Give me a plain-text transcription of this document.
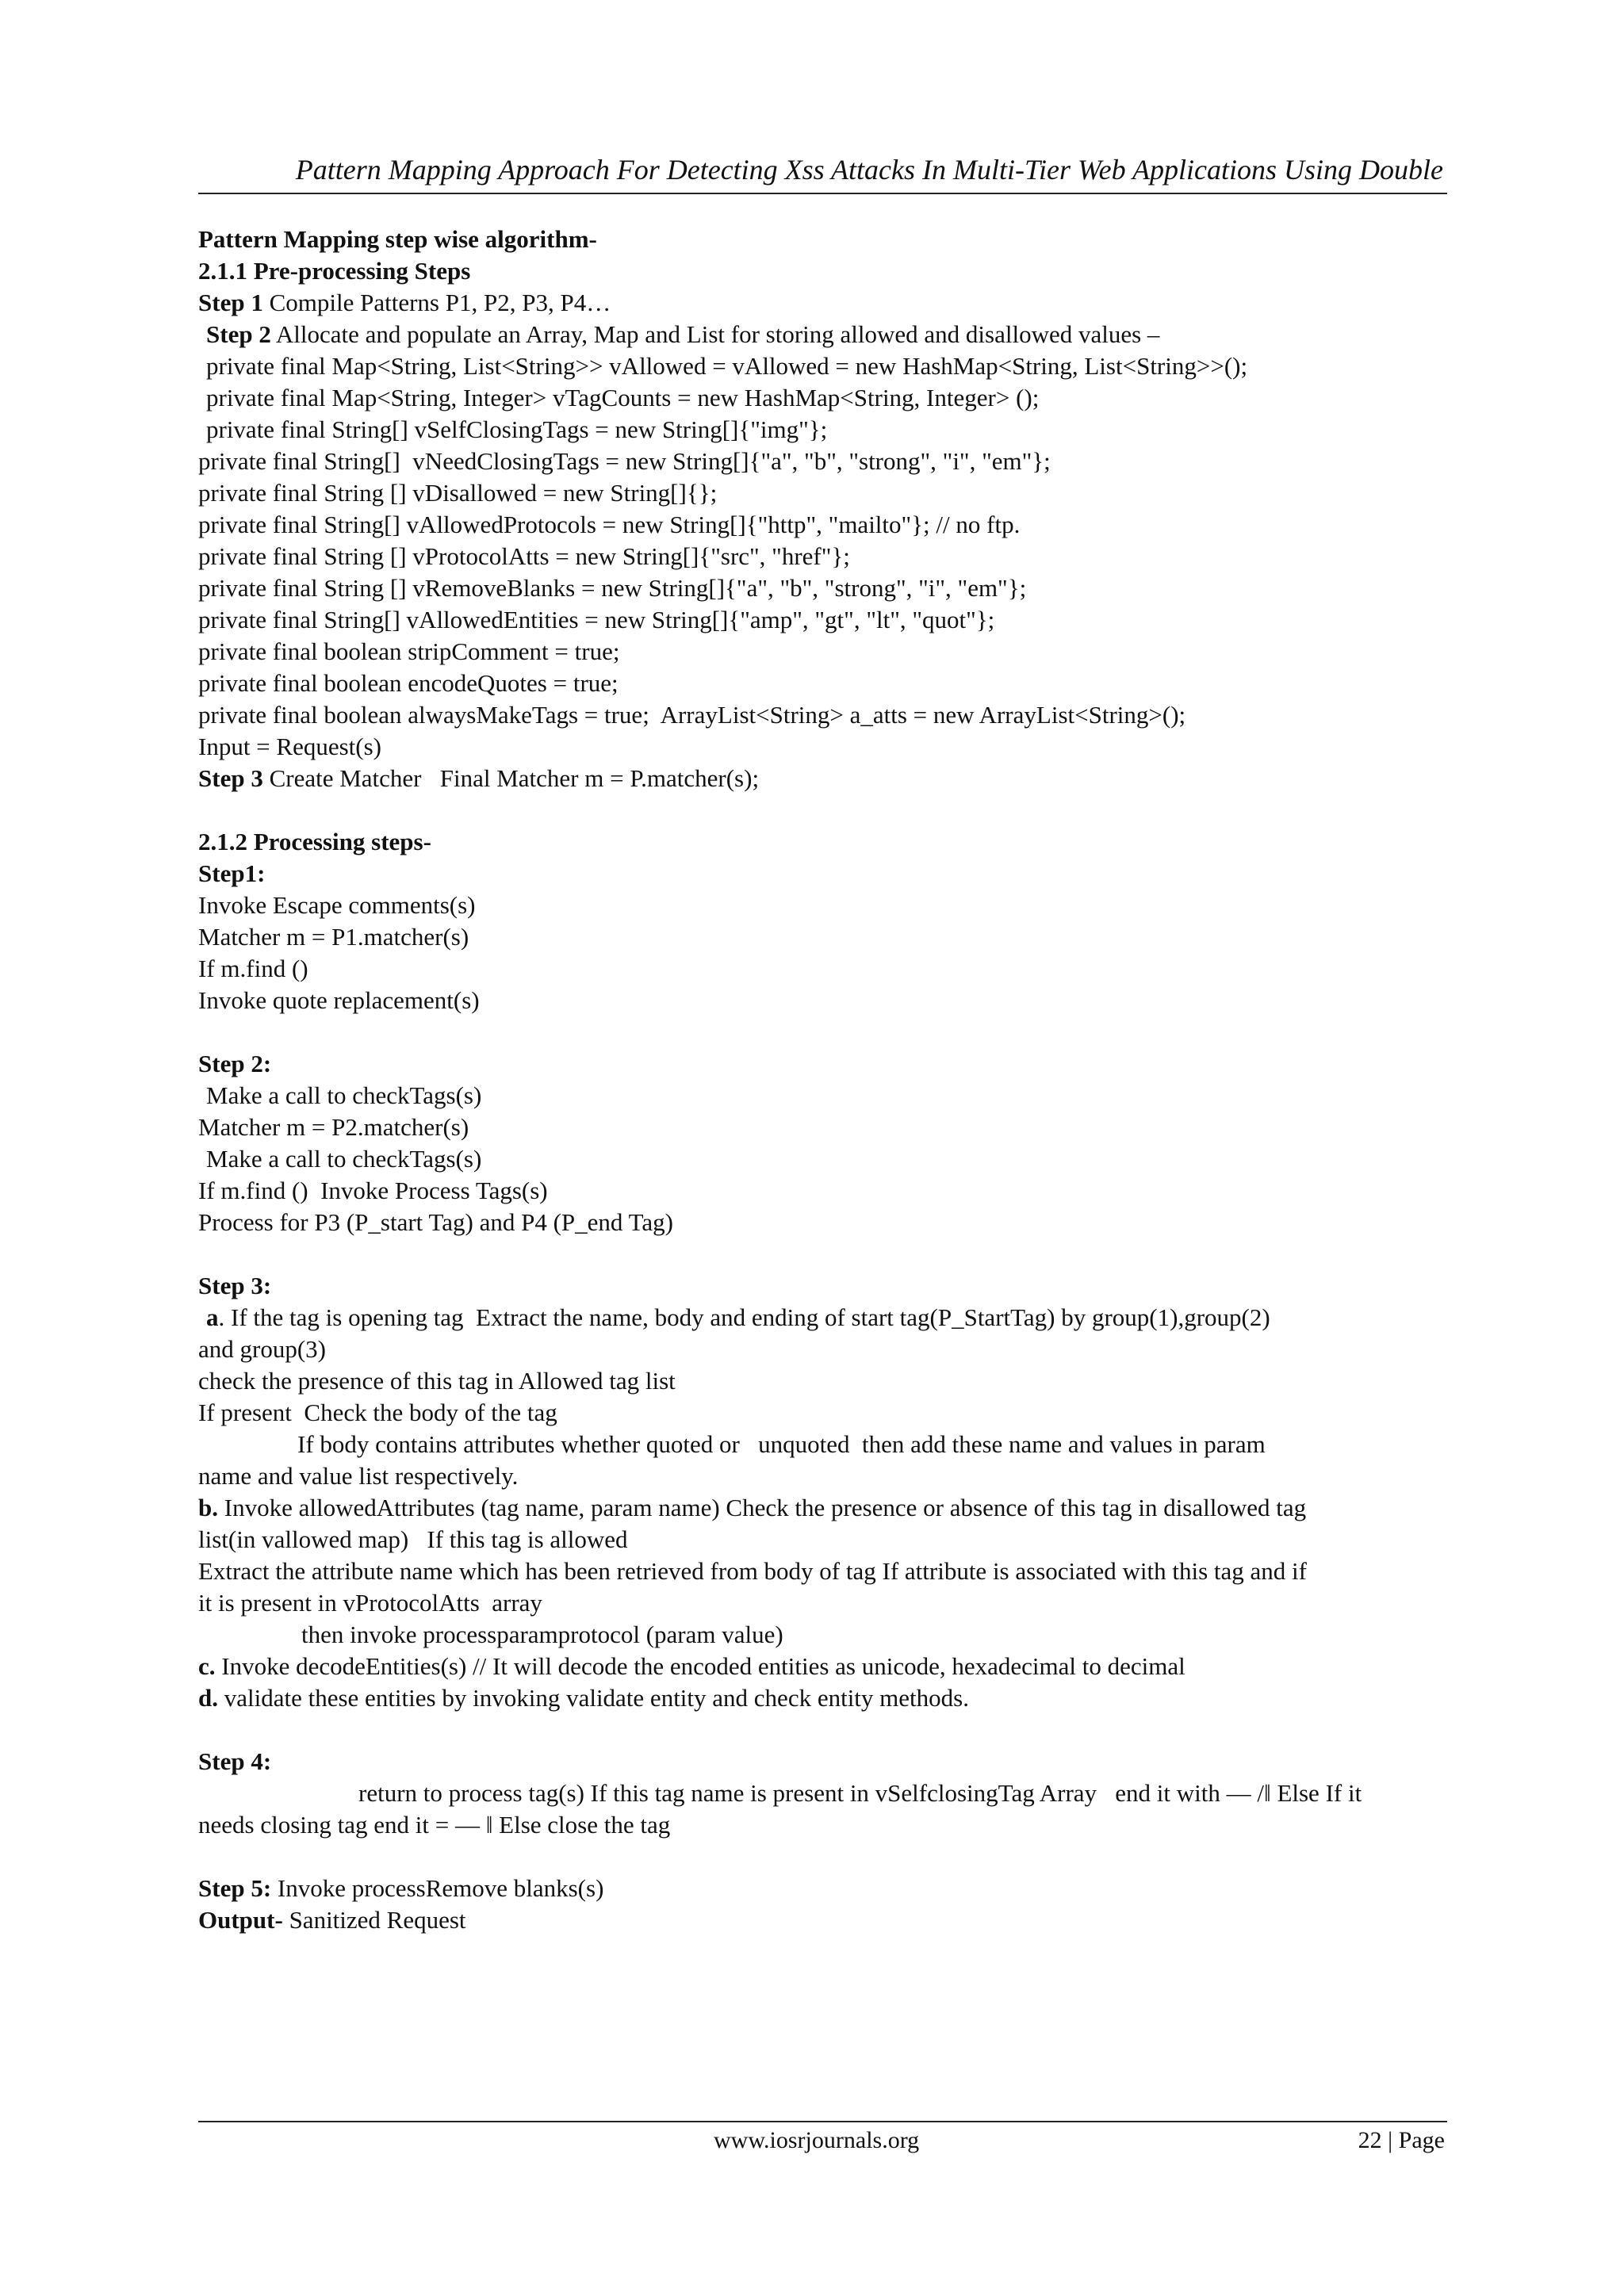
Pattern Mapping Approach For Detecting Xss Attacks In Multi-Tier Web Applications Using Double
Pattern Mapping step wise algorithm-
2.1.1 Pre-processing Steps
Step 1 Compile Patterns P1, P2, P3, P4…
Step 2 Allocate and populate an Array, Map and List for storing allowed and disallowed values –
private final Map<String, List<String>> vAllowed = vAllowed = new HashMap<String, List<String>>();
private final Map<String, Integer> vTagCounts = new HashMap<String, Integer> ();
private final String[] vSelfClosingTags = new String[]{"img"};
private final String[]  vNeedClosingTags = new String[]{"a", "b", "strong", "i", "em"};
private final String [] vDisallowed = new String[]{};
private final String[] vAllowedProtocols = new String[]{"http", "mailto"}; // no ftp.
private final String [] vProtocolAtts = new String[]{"src", "href"};
private final String [] vRemoveBlanks = new String[]{"a", "b", "strong", "i", "em"};
private final String[] vAllowedEntities = new String[]{"amp", "gt", "lt", "quot"};
private final boolean stripComment = true;
private final boolean encodeQuotes = true;
private final boolean alwaysMakeTags = true;  ArrayList<String> a_atts = new ArrayList<String>();
Input = Request(s)
Step 3 Create Matcher   Final Matcher m = P.matcher(s);
2.1.2 Processing steps-
Step1:
Invoke Escape comments(s)
Matcher m = P1.matcher(s)
If m.find ()
Invoke quote replacement(s)
Step 2:
Make a call to checkTags(s)
Matcher m = P2.matcher(s)
Make a call to checkTags(s)
If m.find ()  Invoke Process Tags(s)
Process for P3 (P_start Tag) and P4 (P_end Tag)
Step 3:
a. If the tag is opening tag  Extract the name, body and ending of start tag(P_StartTag) by group(1),group(2)
and group(3)
check the presence of this tag in Allowed tag list
If present  Check the body of the tag
If body contains attributes whether quoted or   unquoted  then add these name and values in param
name and value list respectively.
b. Invoke allowedAttributes (tag name, param name) Check the presence or absence of this tag in disallowed tag
list(in vallowed map)   If this tag is allowed
Extract the attribute name which has been retrieved from body of tag If attribute is associated with this tag and if
it is present in vProtocolAtts  array
then invoke processparamprotocol (param value)
c. Invoke decodeEntities(s) // It will decode the encoded entities as unicode, hexadecimal to decimal
d. validate these entities by invoking validate entity and check entity methods.
Step 4:
return to process tag(s) If this tag name is present in vSelfclosingTag Array   end it with ― /‖ Else If it
needs closing tag end it = ― ‖ Else close the tag
Step 5: Invoke processRemove blanks(s)
Output- Sanitized Request
www.iosrjournals.org	22 | Page
